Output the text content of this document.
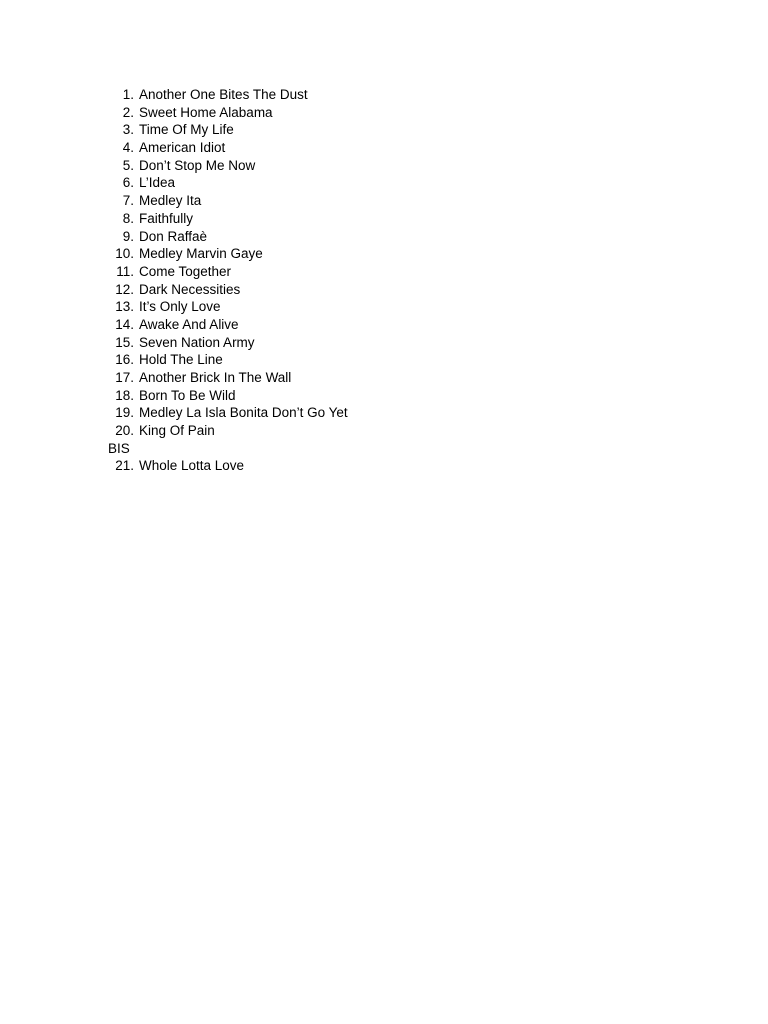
1. Another One Bites The Dust
2. Sweet Home Alabama
3. Time Of My Life
4. American Idiot
5. Don’t Stop Me Now
6. L’Idea
7. Medley Ita
8. Faithfully
9. Don Raffaè
10. Medley Marvin Gaye
11. Come Together
12. Dark Necessities
13. It’s Only Love
14. Awake And Alive
15. Seven Nation Army
16. Hold The Line
17. Another Brick In The Wall
18. Born To Be Wild
19. Medley La Isla Bonita Don’t Go Yet
20. King Of Pain
BIS
21. Whole Lotta Love
